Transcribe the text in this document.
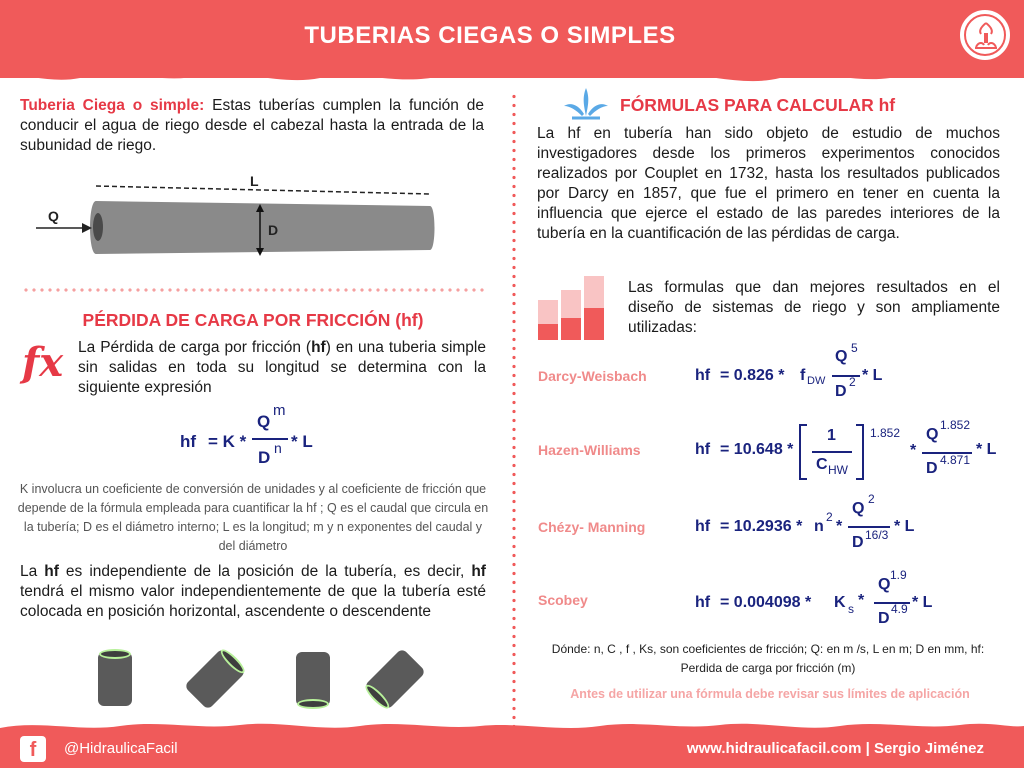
TUBERIAS CIEGAS O SIMPLES
Tuberia Ciega o simple: Estas tuberías cumplen la función de conducir el agua de riego desde el cabezal hasta la entrada de la subunidad de riego.
L
Q
D
PÉRDIDA DE CARGA POR FRICCIÓN (hf)
fx La Pérdida de carga por fricción (hf) en una tuberia simple sin salidas en toda su longitud se determina con la siguiente expresión
hf = K *
Q
m
D n * L
K involucra un coeficiente de conversión de unidades y al coeficiente de fricción que depende de la fórmula empleada para cuantificar la hf ; Q es el caudal que circula en la tubería; D es el diámetro interno; L es la longitud; m y n exponentes del caudal y del diámetro
La hf es independiente de la posición de la tubería, es decir, hf tendrá el mismo valor independientemente de que la tubería esté colocada en posición horizontal, ascendente o descendente
FÓRMULAS PARA CALCULAR hf
La hf en tubería han sido objeto de estudio de muchos investigadores desde los primeros experimentos conocidos realizados por Couplet en 1732, hasta los resultados publicados por Darcy en 1857, que fue el primero en tener en cuenta la influencia que ejerce el estado de las paredes interiores de la tubería en la cuantificación de las pérdidas de carga.
Las formulas que dan mejores resultados en el diseño de sistemas de riego y son ampliamente utilizadas:
Darcy-Weisbach	hf = 0.826 * f DW
Q 5
D
2 * L
Hazen-Williams	hf = 10.648 *
1
C HW
1.852
*
Q
1.852
D 4.871
* L
Chézy- Manning	hf = 10.2936 * n
2
*
Q
2
D 16/3 * L
Scobey	hf = 0.004098 * K s *
Q
1.9
D
4.9 * L
Dónde: n, C , f , Ks, son coeficientes de fricción; Q: en m /s, L en m; D en mm, hf: Perdida de carga por fricción (m)
Antes de utilizar una fórmula debe revisar sus límites de aplicación
f	@HidraulicaFacil	www.hidraulicafacil.com | Sergio Jiménez
